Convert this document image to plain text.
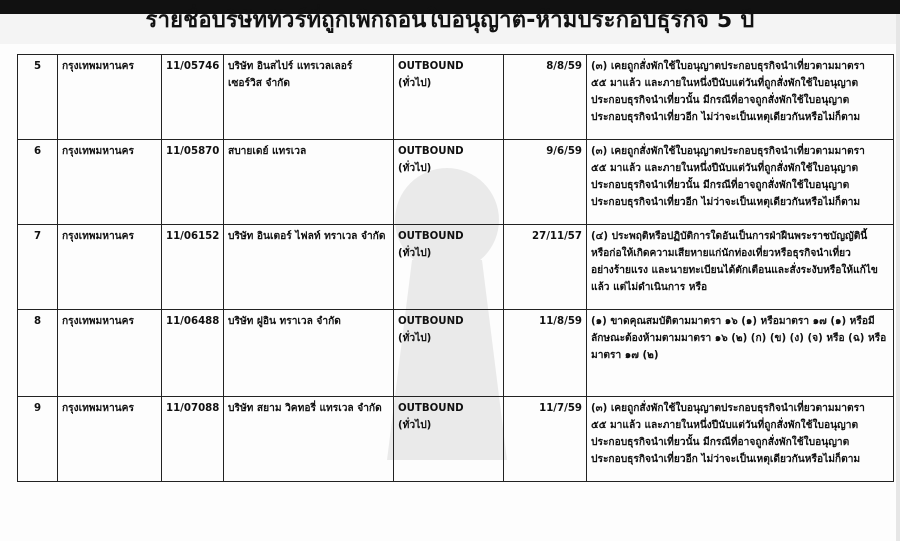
รายชื่อบริษัททัวร์ที่ถูกเพิกถอนใบอนุญาต-ห้ามประกอบธุรกิจ 5 ปี
5	กรุงเทพมหานคร	11/05746	บริษัท อินสไปร์ แทรเวลเลอร์
เซอร์วิส จำกัด	OUTBOUND (ทั่วไป)	8/8/59	(๓) เคยถูกสั่งพักใช้ใบอนุญาตประกอบธุรกิจนำเที่ยวตามมาตรา
๕๕ มาแล้ว และภายในหนึ่งปีนับแต่วันที่ถูกสั่งพักใช้ใบอนุญาต
ประกอบธุรกิจนำเที่ยวนั้น มีกรณีที่อาจถูกสั่งพักใช้ใบอนุญาต
ประกอบธุรกิจนำเที่ยวอีก ไม่ว่าจะเป็นเหตุเดียวกันหรือไม่ก็ตาม

6	กรุงเทพมหานคร	11/05870	สบายเดย์ แทรเวล	OUTBOUND (ทั่วไป)	9/6/59	(๓) เคยถูกสั่งพักใช้ใบอนุญาตประกอบธุรกิจนำเที่ยวตามมาตรา
๕๕ มาแล้ว และภายในหนึ่งปีนับแต่วันที่ถูกสั่งพักใช้ใบอนุญาต
ประกอบธุรกิจนำเที่ยวนั้น มีกรณีที่อาจถูกสั่งพักใช้ใบอนุญาต
ประกอบธุรกิจนำเที่ยวอีก ไม่ว่าจะเป็นเหตุเดียวกันหรือไม่ก็ตาม

7	กรุงเทพมหานคร	11/06152	บริษัท อินเตอร์ ไฟลท์ ทราเวล จำกัด	OUTBOUND (ทั่วไป)	27/11/57	(๔) ประพฤติหรือปฏิบัติการใดอันเป็นการฝ่าฝืนพระราชบัญญัตินี้
หรือก่อให้เกิดความเสียหายแก่นักท่องเที่ยวหรือธุรกิจนำเที่ยว
อย่างร้ายแรง และนายทะเบียนได้ตักเตือนและสั่งระงับหรือให้แก้ไข
แล้ว แต่ไม่ดำเนินการ หรือ

8	กรุงเทพมหานคร	11/06488	บริษัท ฝูอิน ทราเวล จำกัด	OUTBOUND (ทั่วไป)	11/8/59	(๑) ขาดคุณสมบัติตามมาตรา ๑๖ (๑) หรือมาตรา ๑๗ (๑) หรือมี
ลักษณะต้องห้ามตามมาตรา ๑๖ (๒) (ก) (ข) (ง) (จ) หรือ (ฉ) หรือ
มาตรา ๑๗ (๒)

9	กรุงเทพมหานคร	11/07088	บริษัท สยาม วิคทอรี่ แทรเวล จำกัด	OUTBOUND (ทั่วไป)	11/7/59	(๓) เคยถูกสั่งพักใช้ใบอนุญาตประกอบธุรกิจนำเที่ยวตามมาตรา
๕๕ มาแล้ว และภายในหนึ่งปีนับแต่วันที่ถูกสั่งพักใช้ใบอนุญาต
ประกอบธุรกิจนำเที่ยวนั้น มีกรณีที่อาจถูกสั่งพักใช้ใบอนุญาต
ประกอบธุรกิจนำเที่ยวอีก ไม่ว่าจะเป็นเหตุเดียวกันหรือไม่ก็ตาม
